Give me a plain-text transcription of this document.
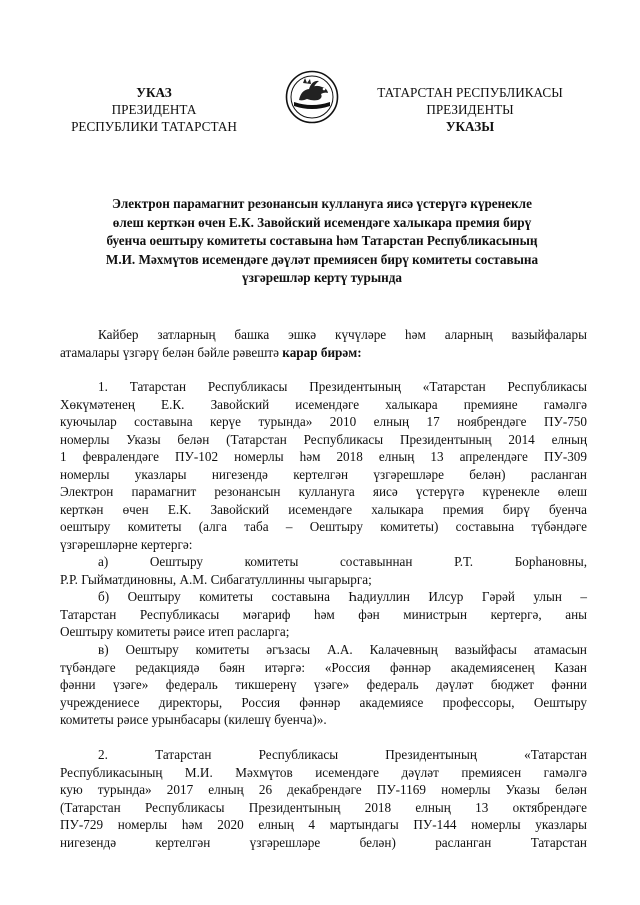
УКАЗ
ПРЕЗИДЕНТА
РЕСПУБЛИКИ ТАТАРСТАН
ТАТАРСТАН РЕСПУБЛИКАСЫ
ПРЕЗИДЕНТЫ
УКАЗЫ
Электрон парамагнит резонансын куллануга яисә үстерүгә күренекле
өлеш керткән өчен Е.К. Завойский исемендәге халыкара премия бирү
буенча оештыру комитеты составына һәм Татарстан Республикасының
М.И. Мәхмүтов исемендәге дәүләт премиясен бирү комитеты составына
үзгәрешләр кертү турында
Кайбер затларның башка эшкә күчүләре һәм аларның вазыйфалары
атамалары үзгәрү белән бәйле рәвештә карар бирәм:
1. Татарстан Республикасы Президентының «Татарстан Республикасы
Хөкүмәтенең Е.К. Завойский исемендәге халыкара премияне гамәлгә
куючылар составына керүе турында» 2010 елның 17 ноябрендәге ПУ-750
номерлы Указы белән (Татарстан Республикасы Президентының 2014 елның
1 февралендәге ПУ-102 номерлы һәм 2018 елның 13 апрелендәге ПУ-309
номерлы указлары нигезендә кертелгән үзгәрешләре белән) расланган
Электрон парамагнит резонансын куллануга яисә үстерүгә күренекле өлеш
керткән өчен Е.К. Завойский исемендәге халыкара премия бирү буенча
оештыру комитеты (алга таба – Оештыру комитеты) составына түбәндәге
үзгәрешләрне кертергә:
а) Оештыру комитеты составыннан Р.Т. Борһановны,
Р.Р. Гыйматдиновны, А.М. Сибагатуллинны чыгарырга;
б) Оештыру комитеты составына Һадиуллин Илсур Гәрәй улын –
Татарстан Республикасы мәгариф һәм фән министрын кертергә, аны
Оештыру комитеты рәисе итеп расларга;
в) Оештыру комитеты әгъзасы А.А. Калачевның вазыйфасы атамасын
түбәндәге редакциядә бәян итәргә: «Россия фәннәр академиясенең Казан
фәнни үзәге» федераль тикшеренү үзәге» федераль дәүләт бюджет фәнни
учреждениесе директоры, Россия фәннәр академиясе профессоры, Оештыру
комитеты рәисе урынбасары (килешү буенча)».
2. Татарстан Республикасы Президентының «Татарстан
Республикасының М.И. Мәхмүтов исемендәге дәүләт премиясен гамәлгә
кую турында» 2017 елның 26 декабрендәге ПУ-1169 номерлы Указы белән
(Татарстан Республикасы Президентының 2018 елның 13 октябрендәге
ПУ-729 номерлы һәм 2020 елның 4 мартындагы ПУ-144 номерлы указлары
нигезендә кертелгән үзгәрешләре белән) расланган Татарстан
